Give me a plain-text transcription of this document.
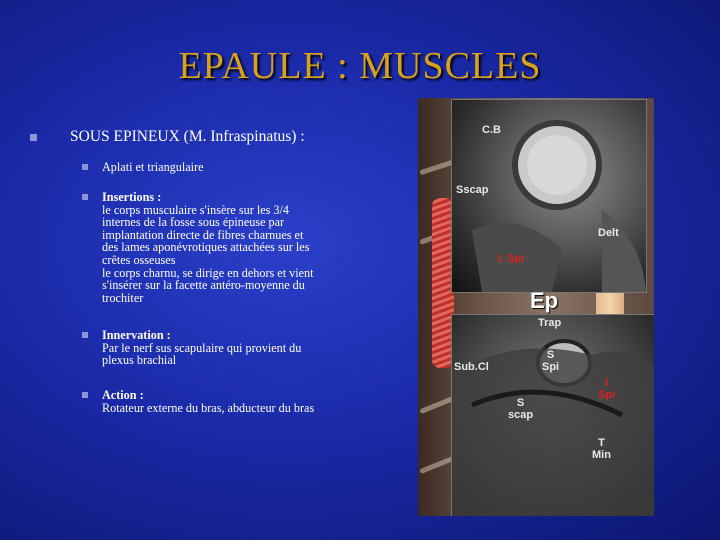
EPAULE : MUSCLES
SOUS EPINEUX (M. Infraspinatus) :
Aplati et triangulaire
Insertions :
le corps musculaire s'insère sur les 3/4
internes de la fosse sous épineuse par
implantation directe de fibres charnues et
des lames aponévrotiques attachées sur les
crêtes osseuses
le corps charnu, se dirige en dehors et vient
s'insérer sur la facette antéro-moyenne du
trochiter
Innervation :
Par le nerf sus scapulaire qui provient du
plexus brachial
Action :
Rotateur externe du bras, abducteur du bras
C.B
Sscap
Delt
I. Spi
Ep
Trap
Sub.Cl
S
Spi
I
Spi
S
scap
T
Min
